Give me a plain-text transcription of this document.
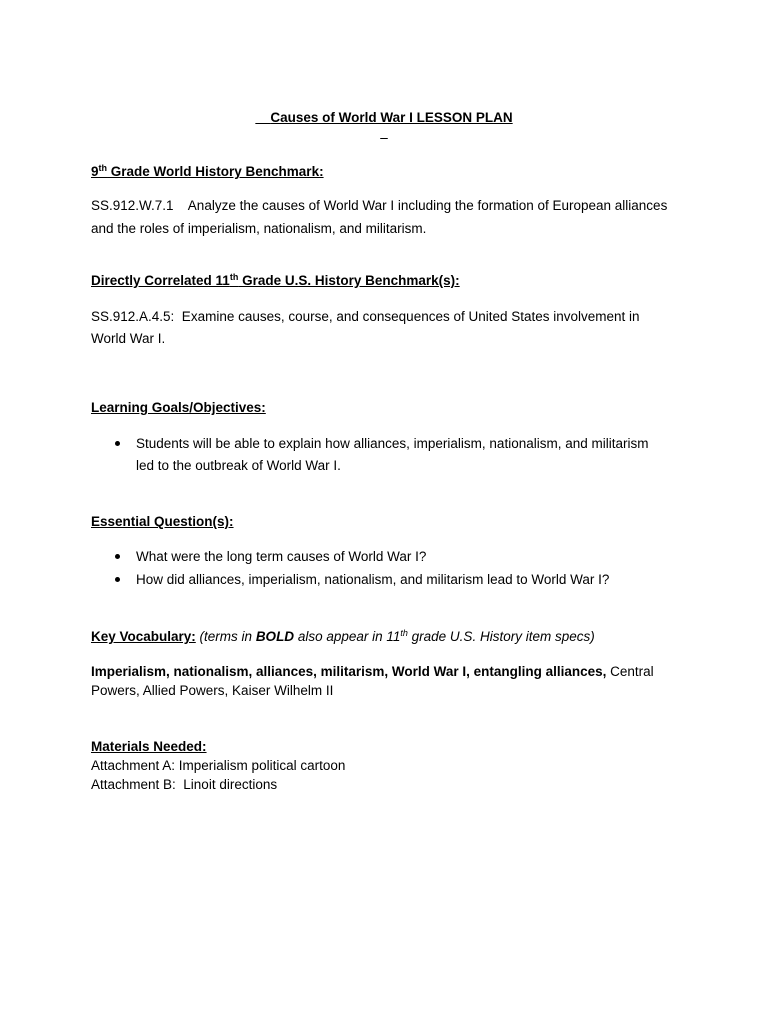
Causes of World War I LESSON PLAN

9th Grade World History Benchmark:
SS.912.W.7.1    Analyze the causes of World War I including the formation of European alliances
and the roles of imperialism, nationalism, and militarism.
Directly Correlated 11th Grade U.S. History Benchmark(s):
SS.912.A.4.5:  Examine causes, course, and consequences of United States involvement in
World War I.
Learning Goals/Objectives:
Students will be able to explain how alliances, imperialism, nationalism, and militarism
led to the outbreak of World War I.
Essential Question(s):
What were the long term causes of World War I?
How did alliances, imperialism, nationalism, and militarism lead to World War I?
Key Vocabulary: (terms in BOLD also appear in 11th grade U.S. History item specs)
Imperialism, nationalism, alliances, militarism, World War I, entangling alliances, Central
Powers, Allied Powers, Kaiser Wilhelm II
Materials Needed:
Attachment A: Imperialism political cartoon
Attachment B:  Linoit directions
